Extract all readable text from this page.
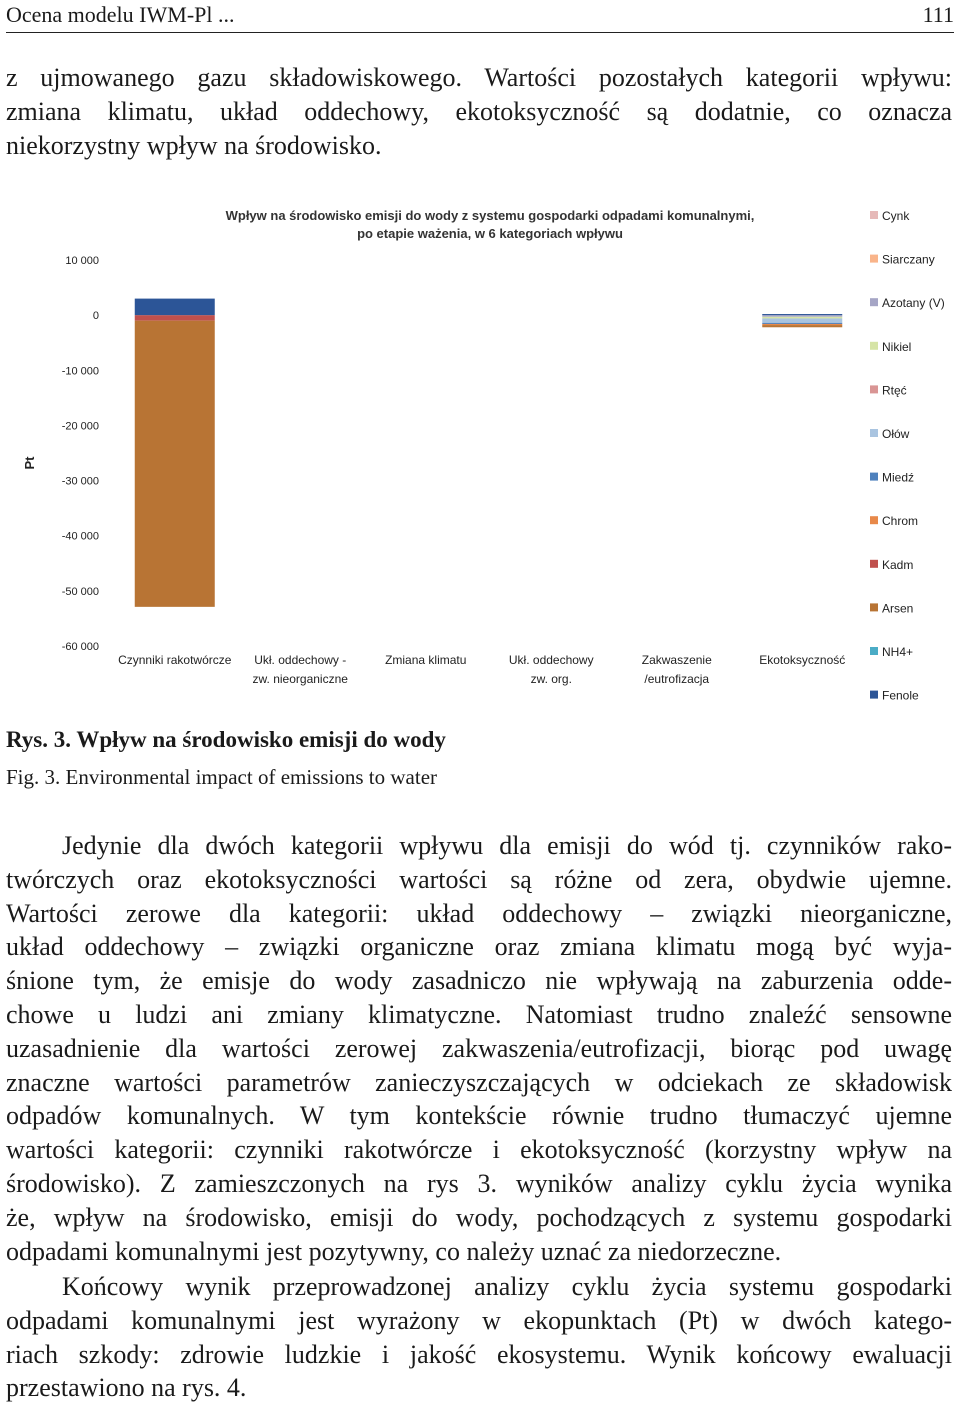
Ocena modelu IWM-Pl ...	111
z ujmowanego gazu składowiskowego. Wartości pozostałych kategorii wpływu:
zmiana klimatu, układ oddechowy, ekotoksyczność są dodatnie, co oznacza
niekorzystny wpływ na środowisko.
Wpływ na środowisko emisji do wody z systemu gospodarki odpadami komunalnymi,
po etapie ważenia, w 6 kategoriach wpływu
10 000
0
-10 000
-20 000
-30 000
-40 000
-50 000
-60 000
Pt
Czynniki rakotwórcze Ukł. oddechowy -
zw. nieorganiczne
Zmiana klimatu	Ukł. oddechowy
zw. org.
Zakwaszenie
/eutrofizacja
Ekotoksyczność
Cynk
Siarczany
Azotany (V)
Nikiel
Rtęć
Ołów
Miedź
Chrom
Kadm
Arsen
NH4+
Fenole
Rys. 3. Wpływ na środowisko emisji do wody
Fig. 3. Environmental impact of emissions to water
Jedynie dla dwóch kategorii wpływu dla emisji do wód tj. czynników rako-
twórczych oraz ekotoksyczności wartości są różne od zera, obydwie ujemne.
Wartości zerowe dla kategorii: układ oddechowy – związki nieorganiczne,
układ oddechowy – związki organiczne oraz zmiana klimatu mogą być wyja-
śnione tym, że emisje do wody zasadniczo nie wpływają na zaburzenia odde-
chowe u ludzi ani zmiany klimatyczne. Natomiast trudno znaleźć sensowne
uzasadnienie dla wartości zerowej zakwaszenia/eutrofizacji, biorąc pod uwagę
znaczne wartości parametrów zanieczyszczających w odciekach ze składowisk
odpadów komunalnych. W tym kontekście równie trudno tłumaczyć ujemne
wartości kategorii: czynniki rakotwórcze i ekotoksyczność (korzystny wpływ na
środowisko). Z zamieszczonych na rys 3. wyników analizy cyklu życia wynika
że, wpływ na środowisko, emisji do wody, pochodzących z systemu gospodarki
odpadami komunalnymi jest pozytywny, co należy uznać za niedorzeczne.
Końcowy wynik przeprowadzonej analizy cyklu życia systemu gospodarki
odpadami komunalnymi jest wyrażony w ekopunktach (Pt) w dwóch katego-
riach szkody: zdrowie ludzkie i jakość ekosystemu. Wynik końcowy ewaluacji
przestawiono na rys. 4.
